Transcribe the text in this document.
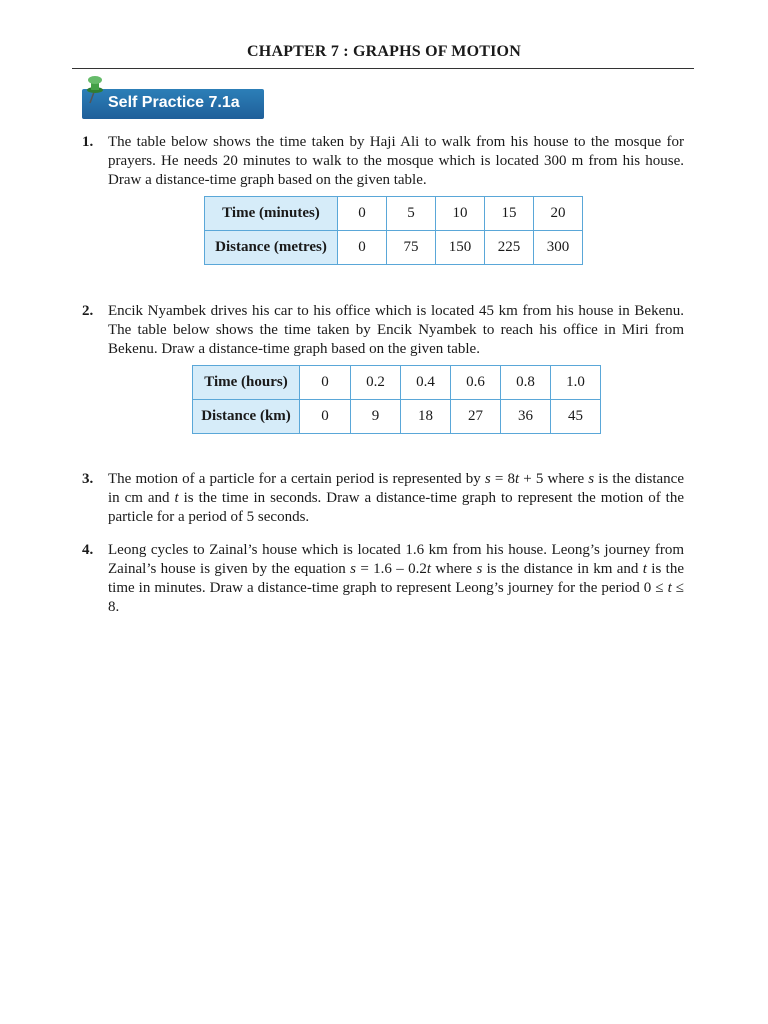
CHAPTER 7 : GRAPHS OF MOTION
Self Practice 7.1a
1. The table below shows the time taken by Haji Ali to walk from his house to the mosque for prayers. He needs 20 minutes to walk to the mosque which is located 300 m from his house. Draw a distance-time graph based on the given table.
Time (minutes)	0	5	10	15	20
Distance (metres)	0	75	150	225	300
2. Encik Nyambek drives his car to his office which is located 45 km from his house in Bekenu. The table below shows the time taken by Encik Nyambek to reach his office in Miri from Bekenu. Draw a distance-time graph based on the given table.
Time (hours)	0	0.2	0.4	0.6	0.8	1.0
Distance (km)	0	9	18	27	36	45
3. The motion of a particle for a certain period is represented by s = 8t + 5 where s is the distance in cm and t is the time in seconds. Draw a distance-time graph to represent the motion of the particle for a period of 5 seconds.
4. Leong cycles to Zainal’s house which is located 1.6 km from his house. Leong’s journey from Zainal’s house is given by the equation s = 1.6 – 0.2t where s is the distance in km and t is the time in minutes. Draw a distance-time graph to represent Leong’s journey for the period 0 ≤ t ≤ 8.
